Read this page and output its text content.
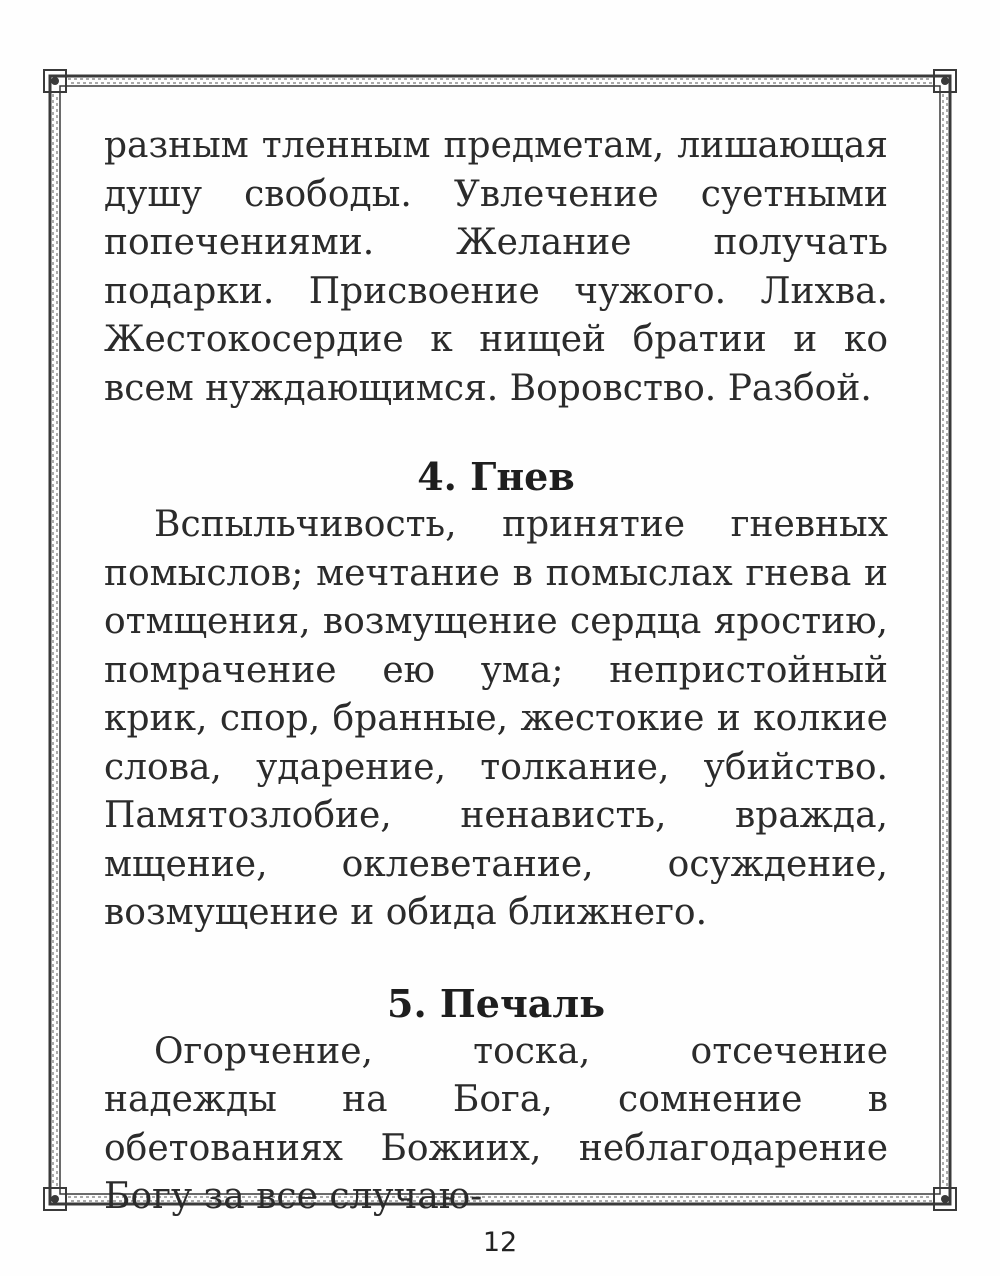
разным тленным предметам, лишающая душу свободы. Увлечение суетными попечениями. Желание получать подарки. Присвоение чужого. Лихва. Жестокосердие к нищей братии и ко всем нуждающимся. Воровство. Разбой.

4. Гнев

Вспыльчивость, принятие гневных помыслов; мечтание в помыслах гнева и отмщения, возмущение сердца яростию, помрачение ею ума; непристойный крик, спор, бранные, жестокие и колкие слова, ударение, толкание, убийство. Памятозлобие, ненависть, вражда, мщение, оклеветание, осуждение, возмущение и обида ближнего.

5. Печаль

Огорчение, тоска, отсечение надежды на Бога, сомнение в обетованиях Божиих, неблагодарение Богу за все случаю-

12
